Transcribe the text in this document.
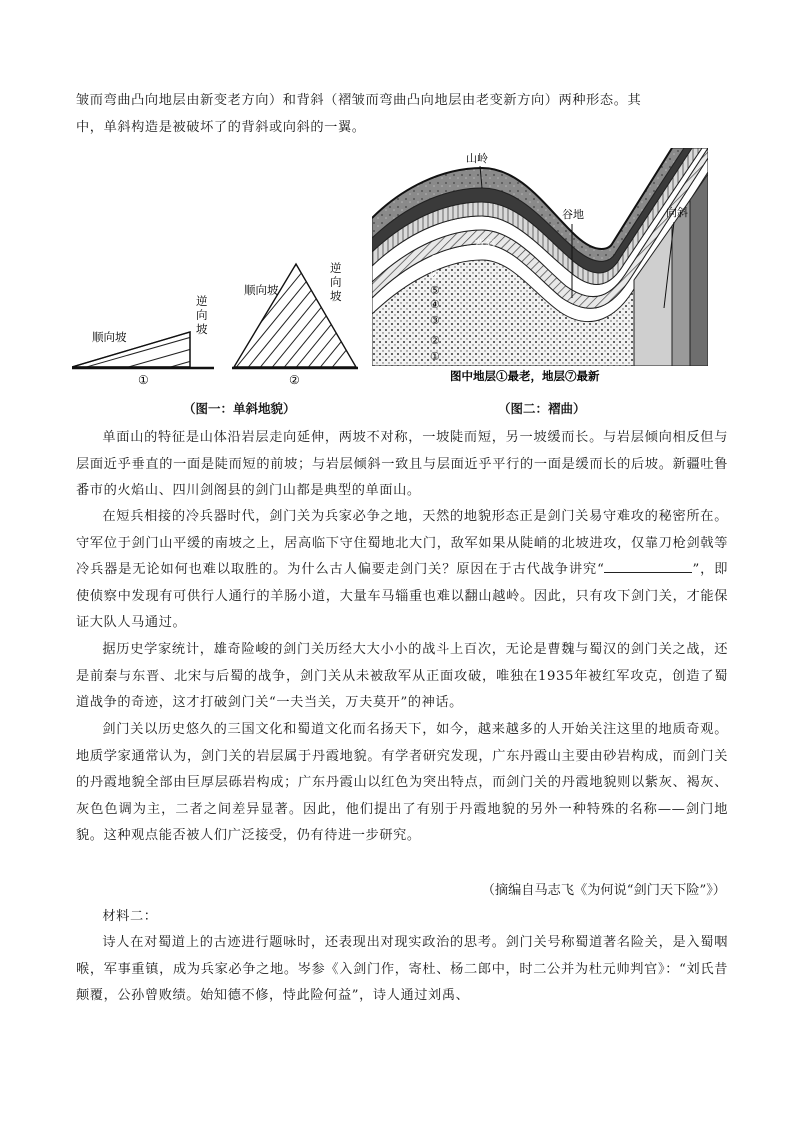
皱而弯曲凸向地层由新变老方向）和背斜（褶皱而弯曲凸向地层由老变新方向）两种形态。其
中，单斜构造是被破坏了的背斜或向斜的一翼。

顺向坡
逆
向
坡
①
顺向坡
逆
向
坡
②
（图一：单斜地貌）
山岭
谷地
背斜
向斜
⑦
⑥
⑤
④
③
②
①
图中地层①最老，地层⑦最新
（图二：褶曲）

单面山的特征是山体沿岩层走向延伸，两坡不对称，一坡陡而短，另一坡缓而长。与岩层倾向相反但与层面近乎垂直的一面是陡而短的前坡；与岩层倾斜一致且与层面近乎平行的一面是缓而长的后坡。新疆吐鲁番市的火焰山、四川剑阁县的剑门山都是典型的单面山。

在短兵相接的冷兵器时代，剑门关为兵家必争之地，天然的地貌形态正是剑门关易守难攻的秘密所在。守军位于剑门山平缓的南坡之上，居高临下守住蜀地北大门，敌军如果从陡峭的北坡进攻，仅靠刀枪剑戟等冷兵器是无论如何也难以取胜的。为什么古人偏要走剑门关？原因在于古代战争讲究“	”，即使侦察中发现有可供行人通行的羊肠小道，大量车马辎重也难以翻山越岭。因此，只有攻下剑门关，才能保证大队人马通过。

据历史学家统计，雄奇险峻的剑门关历经大大小小的战斗上百次，无论是曹魏与蜀汉的剑门关之战，还是前秦与东晋、北宋与后蜀的战争，剑门关从未被敌军从正面攻破，唯独在1935年被红军攻克，创造了蜀道战争的奇迹，这才打破剑门关“一夫当关，万夫莫开”的神话。

剑门关以历史悠久的三国文化和蜀道文化而名扬天下，如今，越来越多的人开始关注这里的地质奇观。地质学家通常认为，剑门关的岩层属于丹霞地貌。有学者研究发现，广东丹霞山主要由砂岩构成，而剑门关的丹霞地貌全部由巨厚层砾岩构成；广东丹霞山以红色为突出特点，而剑门关的丹霞地貌则以紫灰、褐灰、灰色色调为主，二者之间差异显著。因此，他们提出了有别于丹霞地貌的另外一种特殊的名称——剑门地貌。这种观点能否被人们广泛接受，仍有待进一步研究。

（摘编自马志飞《为何说“剑门天下险”》）

材料二：

诗人在对蜀道上的古迹进行题咏时，还表现出对现实政治的思考。剑门关号称蜀道著名险关，是入蜀咽喉，军事重镇，成为兵家必争之地。岑参《入剑门作，寄杜、杨二郎中，时二公并为杜元帅判官》：“刘氏昔颠覆，公孙曾败绩。始知德不修，恃此险何益”，诗人通过刘禹、
